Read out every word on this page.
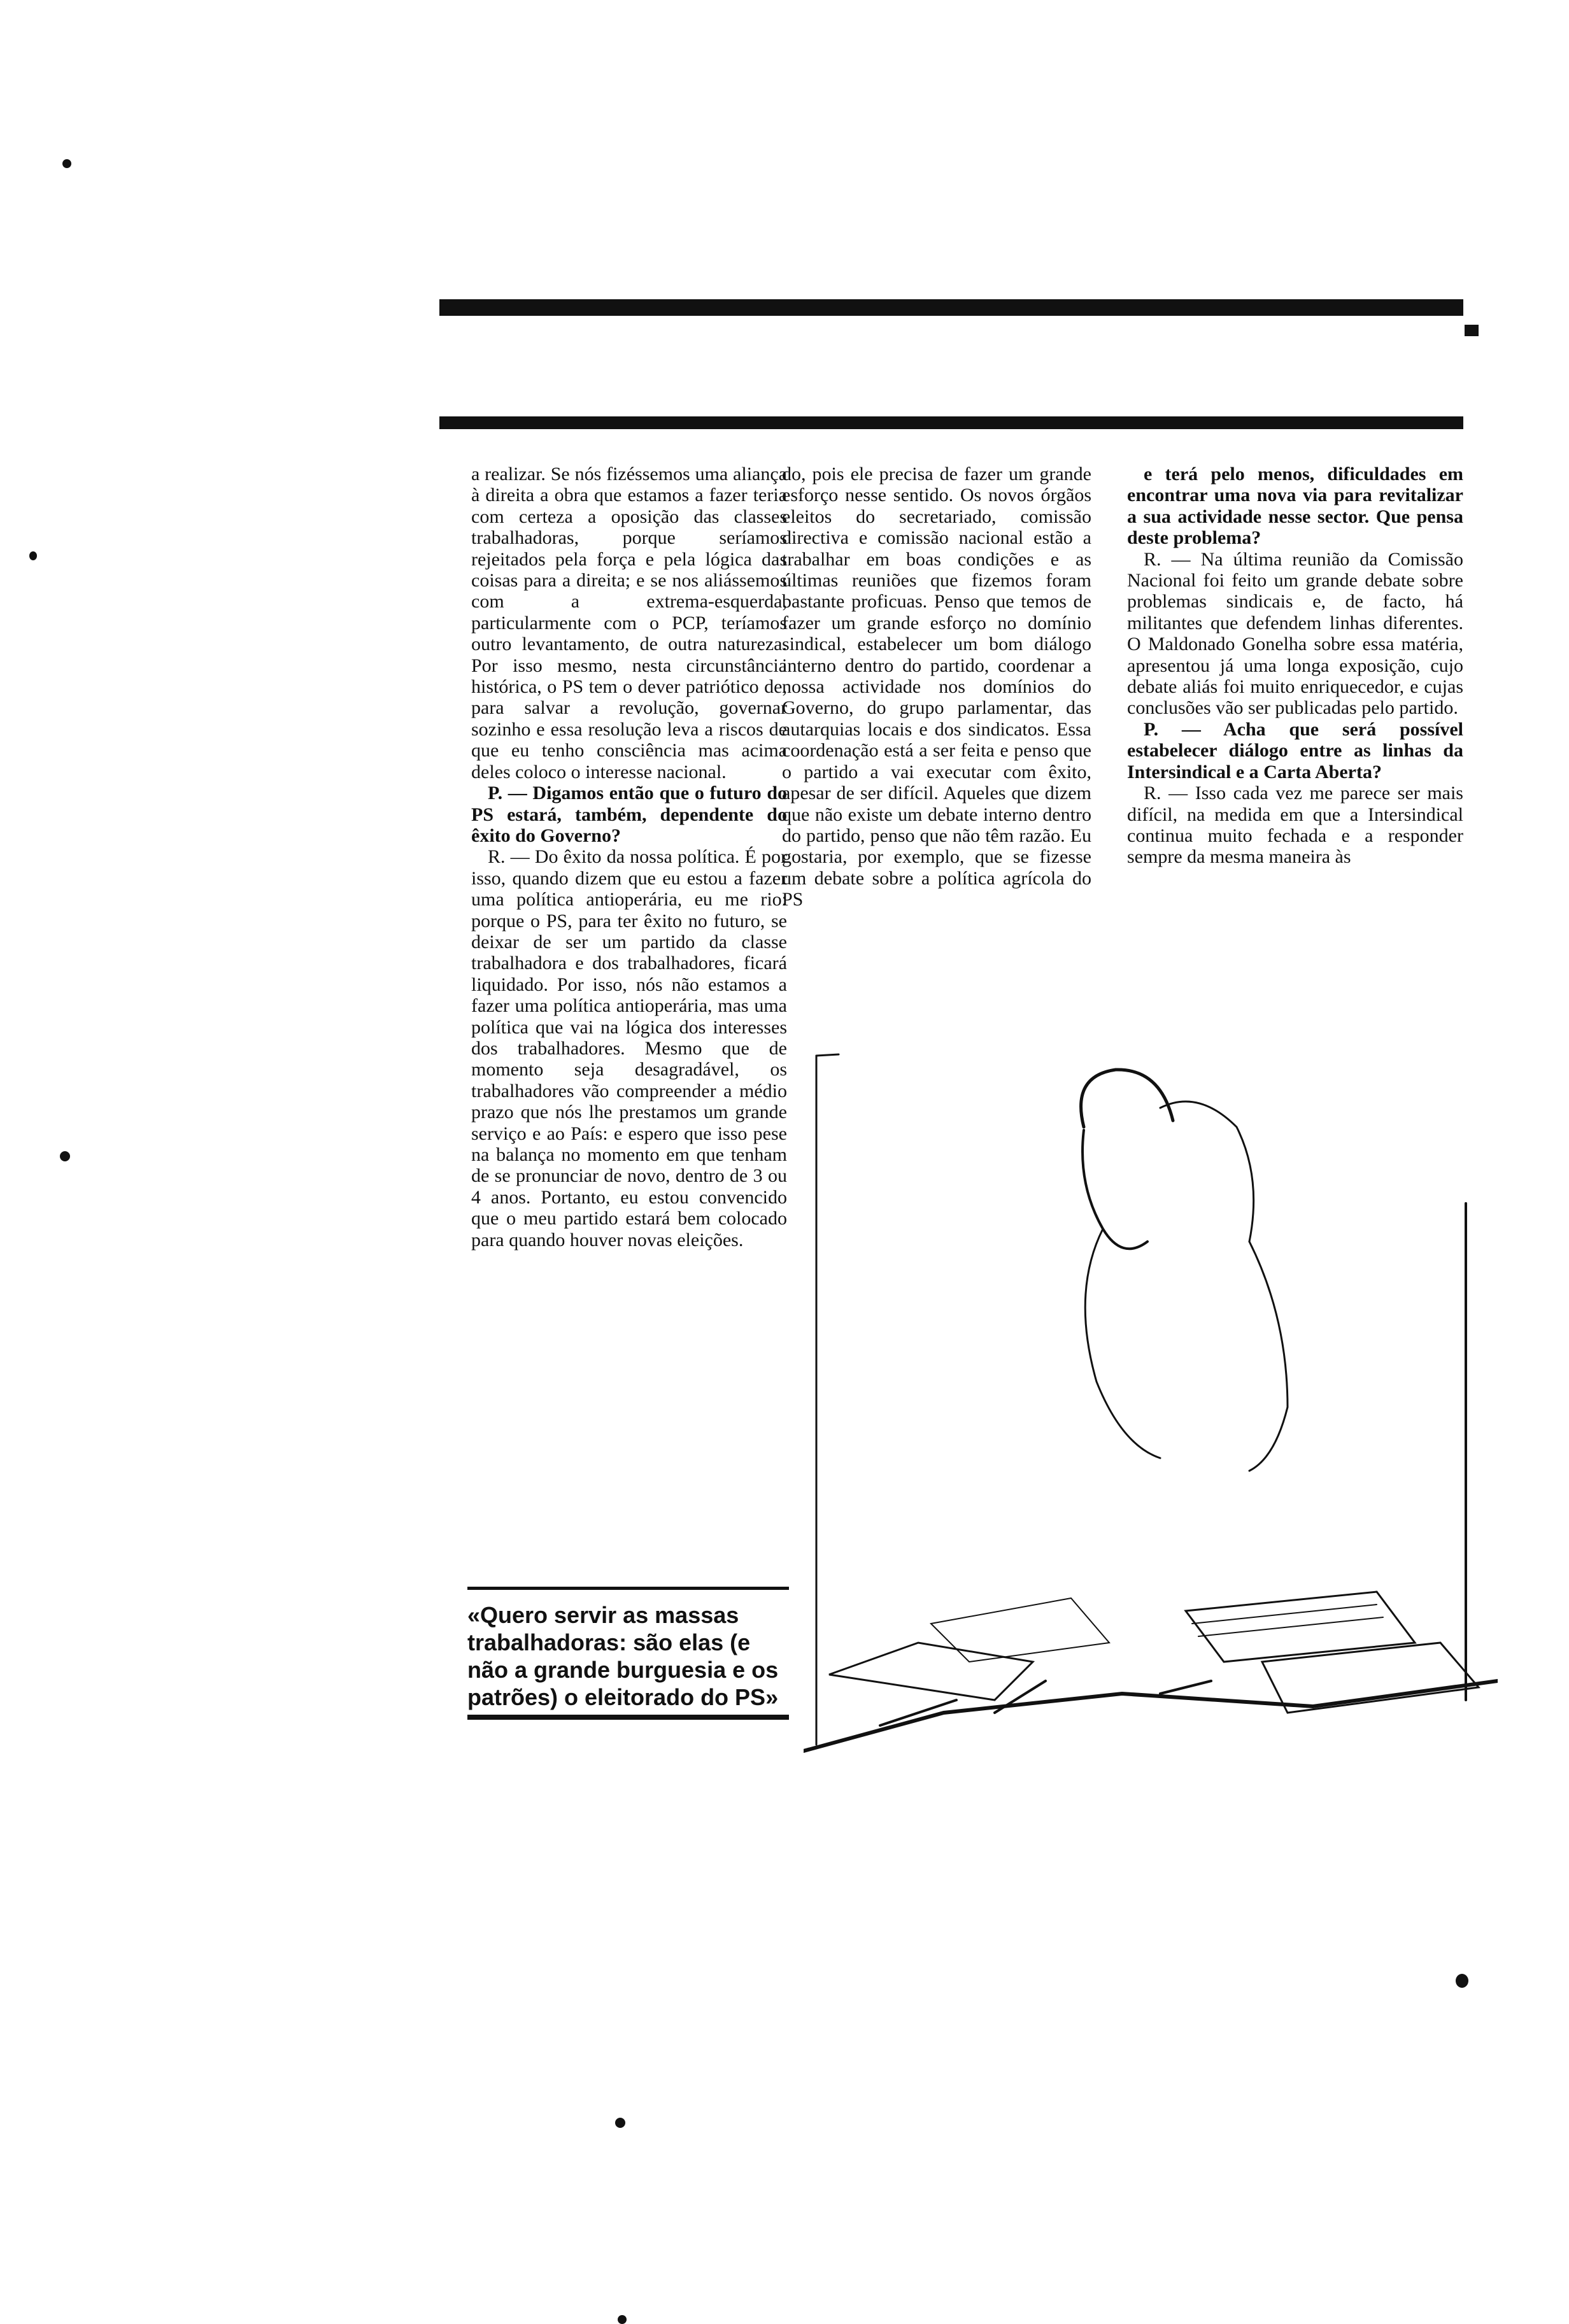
a realizar. Se nós fizéssemos uma aliança à direita a obra que estamos a fazer teria com certeza a oposição das classes trabalhadoras, porque seríamos rejeitados pela força e pela lógica das coisas para a direita; e se nos aliássemos com a extrema-esquerda, particularmente com o PCP, teríamos outro levantamento, de outra natureza. Por isso mesmo, nesta circunstância histórica, o PS tem o dever patriótico de, para salvar a revolução, governar sozinho e essa resolução leva a riscos de que eu tenho consciência mas acima deles coloco o interesse nacional.

P. — Digamos então que o futuro do PS estará, também, dependente do êxito do Governo?

R. — Do êxito da nossa política. É por isso, quando dizem que eu estou a fazer uma política antioperária, eu me rio: porque o PS, para ter êxito no futuro, se deixar de ser um partido da classe trabalhadora e dos trabalhadores, ficará liquidado. Por isso, nós não estamos a fazer uma política antioperária, mas uma política que vai na lógica dos interesses dos trabalhadores. Mesmo que de momento seja desagradável, os trabalhadores vão compreender a médio prazo que nós lhe prestamos um grande serviço e ao País: e espero que isso pese na balança no momento em que tenham de se pronunciar de novo, dentro de 3 ou 4 anos. Portanto, eu estou convencido que o meu partido estará bem colocado para quando houver novas eleições.

do, pois ele precisa de fazer um grande esforço nesse sentido. Os novos órgãos eleitos do secretariado, comissão directiva e comissão nacional estão a trabalhar em boas condições e as últimas reuniões que fizemos foram bastante proficuas. Penso que temos de fazer um grande esforço no domínio sindical, estabelecer um bom diálogo interno dentro do partido, coordenar a nossa actividade nos domínios do Governo, do grupo parlamentar, das autarquias locais e dos sindicatos. Essa coordenação está a ser feita e penso que o partido a vai executar com êxito, apesar de ser difícil. Aqueles que dizem que não existe um debate interno dentro do partido, penso que não têm razão. Eu gostaria, por exemplo, que se fizesse um debate sobre a política agrícola do PS

e terá pelo menos, dificuldades em encontrar uma nova via para revitalizar a sua actividade nesse sector. Que pensa deste problema?

R. — Na última reunião da Comissão Nacional foi feito um grande debate sobre problemas sindicais e, de facto, há militantes que defendem linhas diferentes. O Maldonado Gonelha sobre essa matéria, apresentou já uma longa exposição, cujo debate aliás foi muito enriquecedor, e cujas conclusões vão ser publicadas pelo partido.

P. — Acha que será possível estabelecer diálogo entre as linhas da Intersindical e a Carta Aberta?

R. — Isso cada vez me parece ser mais difícil, na medida em que a Intersindical continua muito fechada e a responder sempre da mesma maneira às

«Quero servir as massas trabalhadoras: são elas (e não a grande burguesia e os patrões) o eleitorado do PS»
